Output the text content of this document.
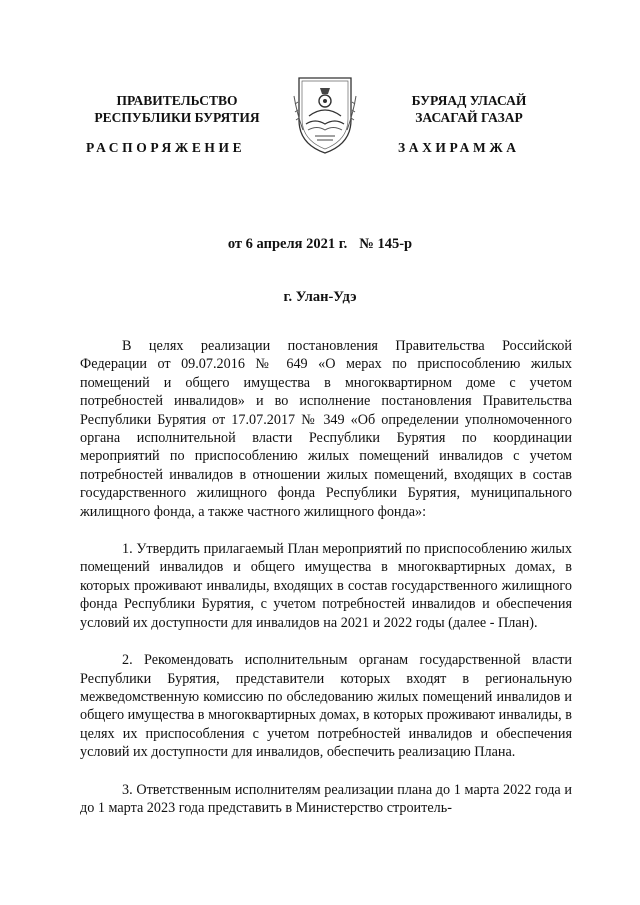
ПРАВИТЕЛЬСТВО
РЕСПУБЛИКИ БУРЯТИЯ
БУРЯАД УЛАСАЙ
ЗАСАГАЙ ГАЗАР
РАСПОРЯЖЕНИЕ	ЗАХИРАМЖА
от 6 апреля 2021 г. № 145-р
г. Улан-Удэ

В целях реализации постановления Правительства Российской Федерации от 09.07.2016 № 649 «О мерах по приспособлению жилых помещений и общего имущества в многоквартирном доме с учетом потребностей инвалидов» и во исполнение постановления Правительства Республики Бурятия от 17.07.2017 № 349 «Об определении уполномоченного органа исполнительной власти Республики Бурятия по координации мероприятий по приспособлению жилых помещений инвалидов с учетом потребностей инвалидов в отношении жилых помещений, входящих в состав государственного жилищного фонда Республики Бурятия, муниципального жилищного фонда, а также частного жилищного фонда»:

1. Утвердить прилагаемый План мероприятий по приспособлению жилых помещений инвалидов и общего имущества в многоквартирных домах, в которых проживают инвалиды, входящих в состав государственного жилищного фонда Республики Бурятия, с учетом потребностей инвалидов и обеспечения условий их доступности для инвалидов на 2021 и 2022 годы (далее - План).

2. Рекомендовать исполнительным органам государственной власти Республики Бурятия, представители которых входят в региональную межведомственную комиссию по обследованию жилых помещений инвалидов и общего имущества в многоквартирных домах, в которых проживают инвалиды, в целях их приспособления с учетом потребностей инвалидов и обеспечения условий их доступности для инвалидов, обеспечить реализацию Плана.

3. Ответственным исполнителям реализации плана до 1 марта 2022 года и до 1 марта 2023 года представить в Министерство строитель-
